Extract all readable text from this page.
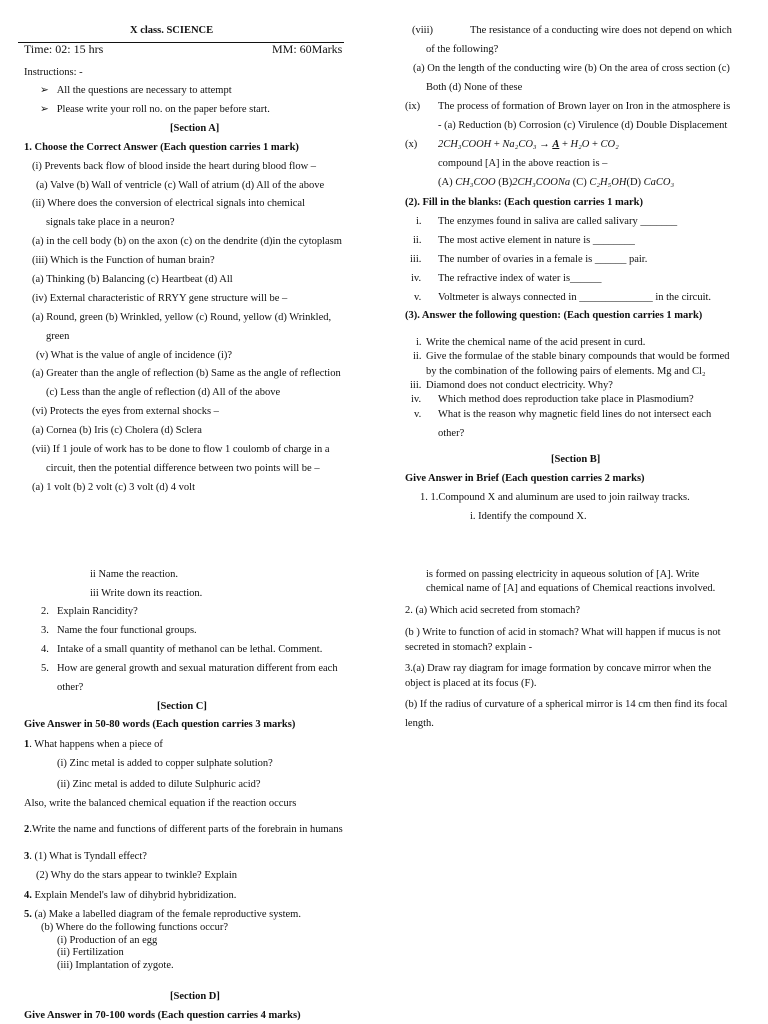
X class. SCIENCE
Time: 02: 15 hrs	MM: 60Marks
Instructions: -
➢ All the questions are necessary to attempt
➢ Please write your roll no. on the paper before start.
[Section A]
1. Choose the Correct Answer (Each question carries 1 mark)
(i) Prevents back flow of blood inside the heart during blood flow –
(a) Valve (b) Wall of ventricle (c) Wall of atrium (d) All of the above
(ii) Where does the conversion of electrical signals into chemical
signals take place in a neuron?
(a) in the cell body (b) on the axon (c) on the dendrite (d)in the cytoplasm
(iii) Which is the Function of human brain?
(a) Thinking (b) Balancing (c) Heartbeat (d) All
(iv) External characteristic of RRYY gene structure will be –
(a) Round, green (b) Wrinkled, yellow (c) Round, yellow (d) Wrinkled,
green
(v) What is the value of angle of incidence (i)?
(a) Greater than the angle of reflection (b) Same as the angle of reflection
(c) Less than the angle of reflection (d) All of the above
(vi) Protects the eyes from external shocks –
(a) Cornea (b) Iris (c) Cholera (d) Sclera
(vii) If 1 joule of work has to be done to flow 1 coulomb of charge in a
circuit, then the potential difference between two points will be –
(a) 1 volt (b) 2 volt (c) 3 volt (d) 4 volt
(viii)	The resistance of a conducting wire does not depend on which
of the following?
(a) On the length of the conducting wire (b) On the area of cross section (c)
Both (d) None of these
(ix) The process of formation of Brown layer on Iron in the atmosphere is
- (a) Reduction (b) Corrosion (c) Virulence (d) Double Displacement
(x) 2CH₃COOH + Na₂CO₃ → A + H₂O + CO₂
compound [A] in the above reaction is –
(A) CH₃COO (B)2CH₃COONa (C) C₂H₅OH(D) CaCO₃
(2). Fill in the blanks: (Each question carries 1 mark)
i. The enzymes found in saliva are called salivary _______
ii. The most active element in nature is ________
iii. The number of ovaries in a female is ______ pair.
iv. The refractive index of water is______
v. Voltmeter is always connected in ______________ in the circuit.
(3). Answer the following question: (Each question carries 1 mark)
i. Write the chemical name of the acid present in curd.
ii. Give the formulae of the stable binary compounds that would be formed
by the combination of the following pairs of elements. Mg and Cl₂
iii. Diamond does not conduct electricity. Why?
iv. Which method does reproduction take place in Plasmodium?
v. What is the reason why magnetic field lines do not intersect each
other?
[Section B]
Give Answer in Brief (Each question carries 2 marks)
1. 1.Compound X and aluminum are used to join railway tracks.
i. Identify the compound X.
ii Name the reaction.
iii Write down its reaction.
2. Explain Rancidity?
3. Name the four functional groups.
4. Intake of a small quantity of methanol can be lethal. Comment.
5. How are general growth and sexual maturation different from each
other?
[Section C]
Give Answer in 50-80 words (Each question carries 3 marks)
1. What happens when a piece of
(i) Zinc metal is added to copper sulphate solution?
(ii) Zinc metal is added to dilute Sulphuric acid?
Also, write the balanced chemical equation if the reaction occurs
2.Write the name and functions of different parts of the forebrain in humans
3. (1) What is Tyndall effect?
(2) Why do the stars appear to twinkle? Explain
4. Explain Mendel's law of dihybrid hybridization.
5. (a) Make a labelled diagram of the female reproductive system.
(b) Where do the following functions occur?
(i) Production of an egg
(ii) Fertilization
(iii) Implantation of zygote.
[Section D]
Give Answer in 70-100 words (Each question carries 4 marks)
is formed on passing electricity in aqueous solution of [A]. Write
chemical name of [A] and equations of Chemical reactions involved.
2. (a) Which acid secreted from stomach?
(b ) Write to function of acid in stomach? What will happen if mucus is not
secreted in stomach? explain -
3.(a) Draw ray diagram for image formation by concave mirror when the
object is placed at its focus (F).
(b) If the radius of curvature of a spherical mirror is 14 cm then find its focal
length.
